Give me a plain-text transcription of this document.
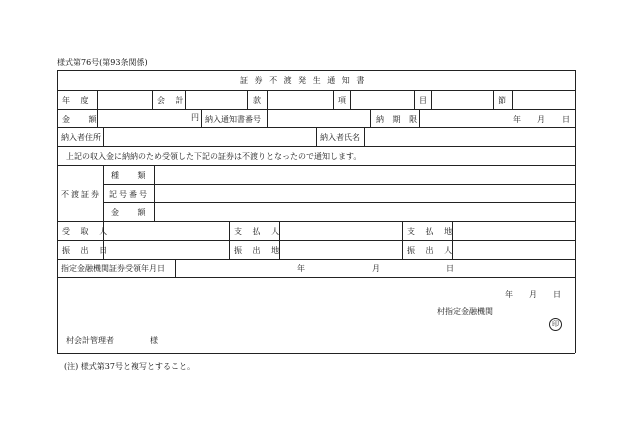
様式第76号(第93条関係)
証 券 不 渡 発 生 通 知 書
年 度	会 計	款	項	目	節
金 額	円 納入通知書番号	納 期 限	年 月 日
納入者住所	納入者氏名
上記の収入金に納納のため受領した下記の証券は不渡りとなったので通知します。
不渡証券
種 類
記号番号
金 額
受 取 人	支 払 人	支 払 地
振 出 日	振 出 地	振 出 人
指定金融機関証券受領年月日	年	月	日
年 月 日
村指定金融機関
印
村会計管理者	様
(注) 様式第37号と複写とすること。
